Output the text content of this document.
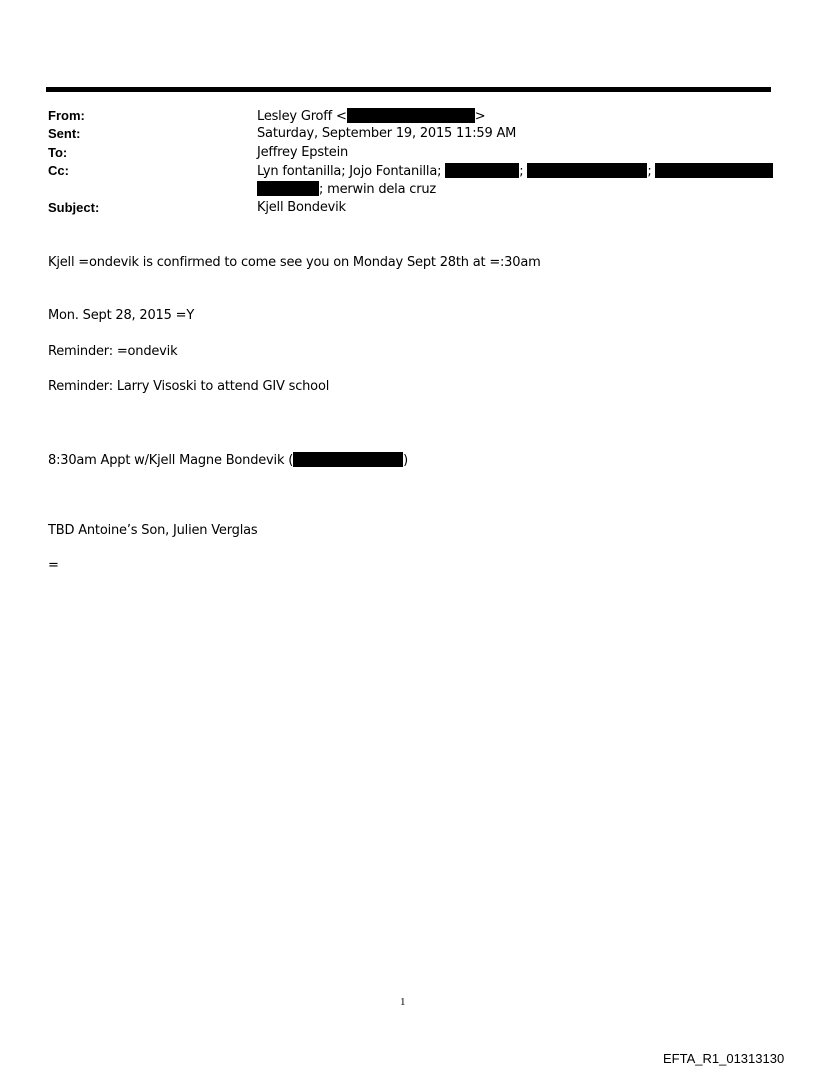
From:	Lesley Groff <	>
Sent:	Saturday, September 19, 2015 11:59 AM
To:	Jeffrey Epstein
Cc:	Lyn fontanilla; Jojo Fontanilla;	;	;
; merwin dela cruz
Subject:	Kjell Bondevik
Kjell =ondevik is confirmed to come see you on Monday Sept 28th at =:30am
Mon. Sept 28, 2015 =Y
Reminder: =ondevik
Reminder: Larry Visoski to attend GIV school
8:30am Appt w/Kjell Magne Bondevik (	)
TBD Antoine’s Son, Julien Verglas
=
1
EFTA_R1_01313130
